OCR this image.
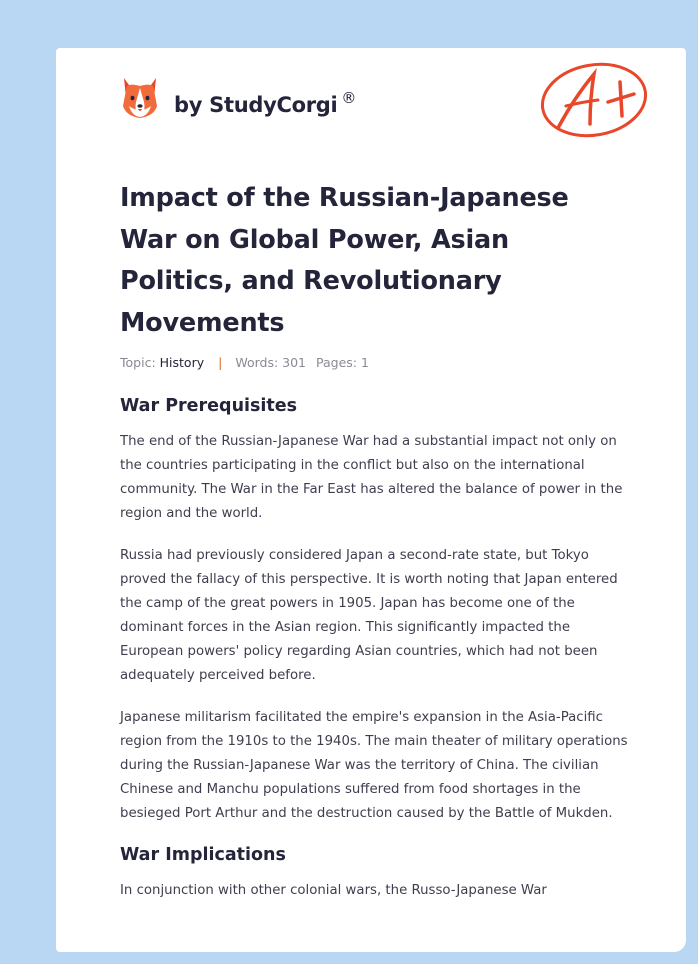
by StudyCorgi ®
Impact of the Russian-Japanese War on Global Power, Asian Politics, and Revolutionary Movements
Topic: History | Words: 301 Pages: 1
War Prerequisites

The end of the Russian-Japanese War had a substantial impact not only on the countries participating in the conflict but also on the international community. The War in the Far East has altered the balance of power in the region and the world.

Russia had previously considered Japan a second-rate state, but Tokyo proved the fallacy of this perspective. It is worth noting that Japan entered the camp of the great powers in 1905. Japan has become one of the dominant forces in the Asian region. This significantly impacted the European powers' policy regarding Asian countries, which had not been adequately perceived before.

Japanese militarism facilitated the empire's expansion in the Asia-Pacific region from the 1910s to the 1940s. The main theater of military operations during the Russian-Japanese War was the territory of China. The civilian Chinese and Manchu populations suffered from food shortages in the besieged Port Arthur and the destruction caused by the Battle of Mukden.

War Implications

In conjunction with other colonial wars, the Russo-Japanese War
